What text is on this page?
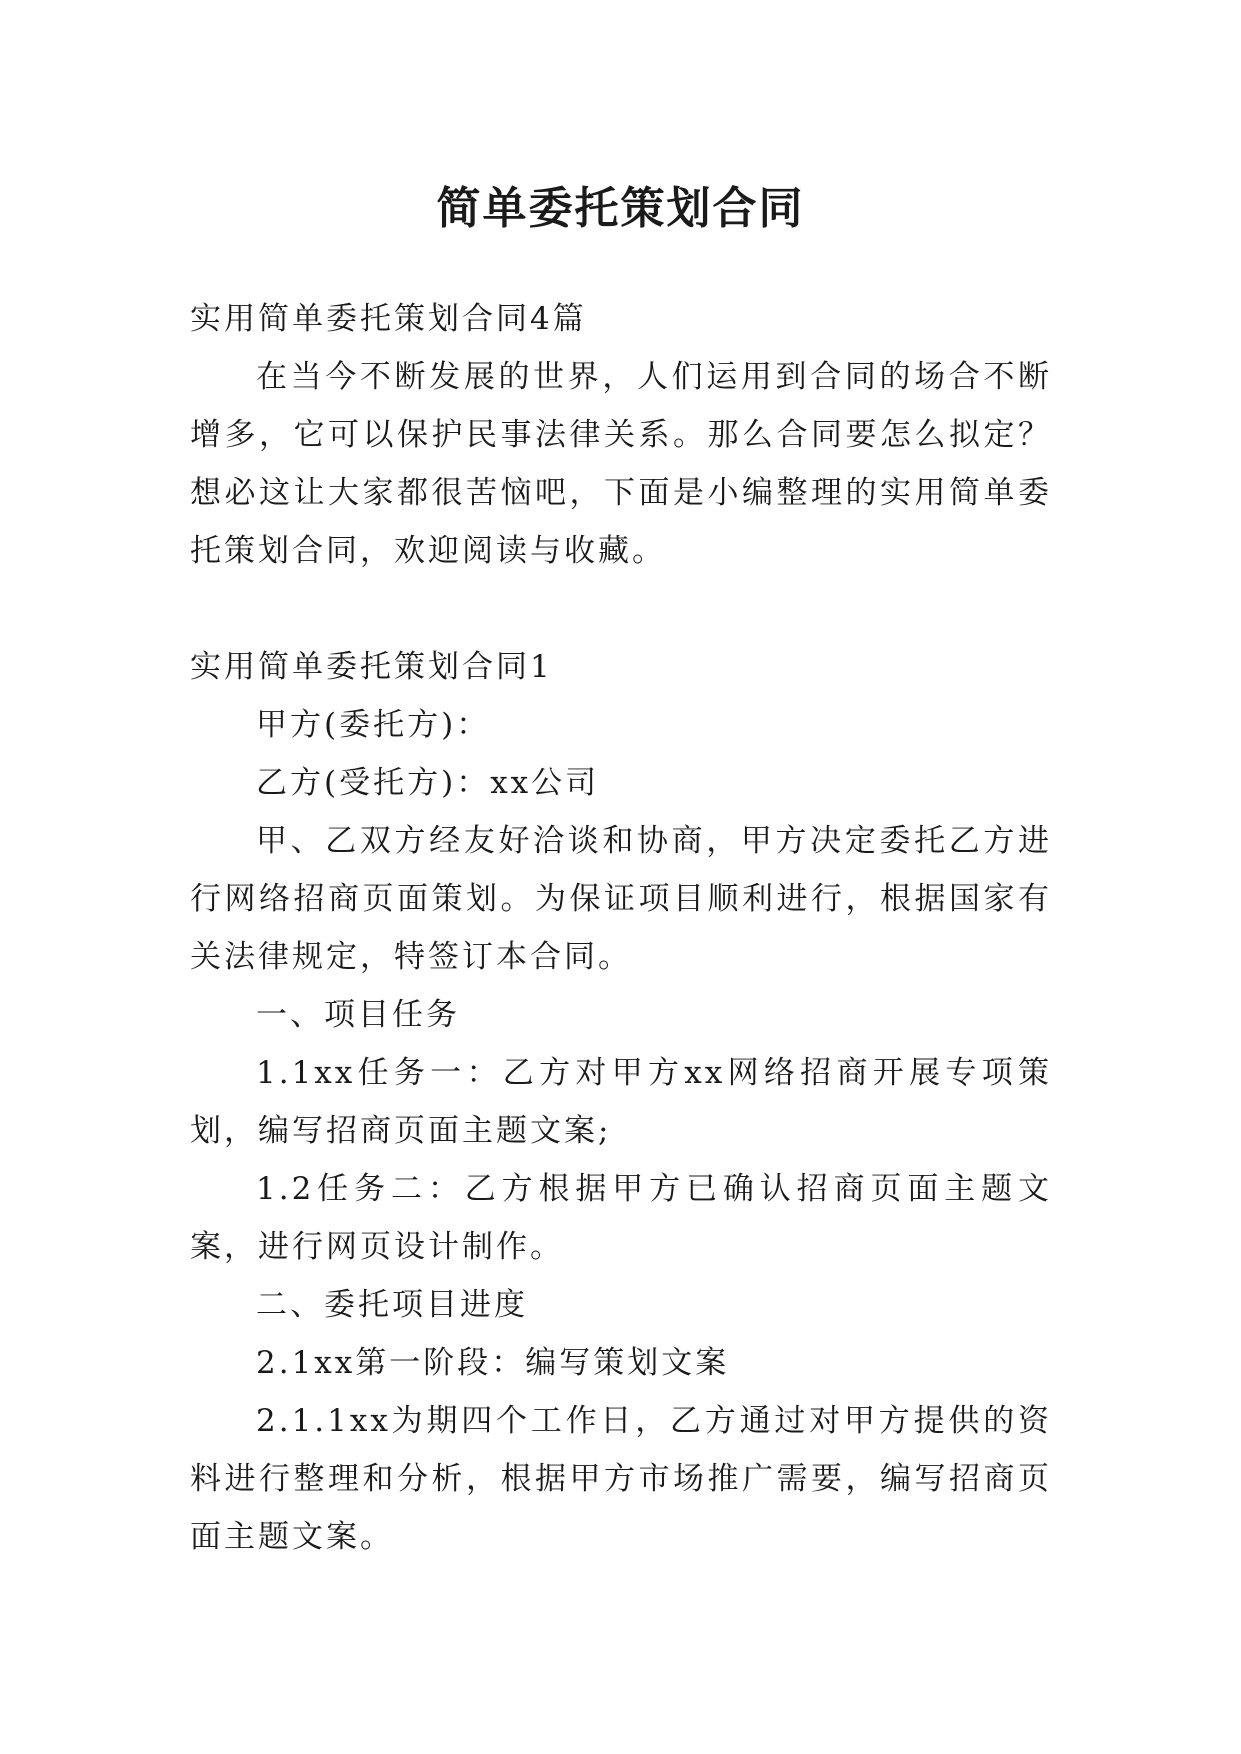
简单委托策划合同

实用简单委托策划合同4篇

在当今不断发展的世界，人们运用到合同的场合不断增多，它可以保护民事法律关系。那么合同要怎么拟定？想必这让大家都很苦恼吧，下面是小编整理的实用简单委托策划合同，欢迎阅读与收藏。

实用简单委托策划合同1

甲方(委托方)：

乙方(受托方)：xx公司

甲、乙双方经友好洽谈和协商，甲方决定委托乙方进行网络招商页面策划。为保证项目顺利进行，根据国家有关法律规定，特签订本合同。

一、项目任务

1.1xx任务一：乙方对甲方xx网络招商开展专项策划，编写招商页面主题文案;

1.2任务二：乙方根据甲方已确认招商页面主题文案，进行网页设计制作。

二、委托项目进度

2.1xx第一阶段：编写策划文案

2.1.1xx为期四个工作日，乙方通过对甲方提供的资料进行整理和分析，根据甲方市场推广需要，编写招商页面主题文案。
